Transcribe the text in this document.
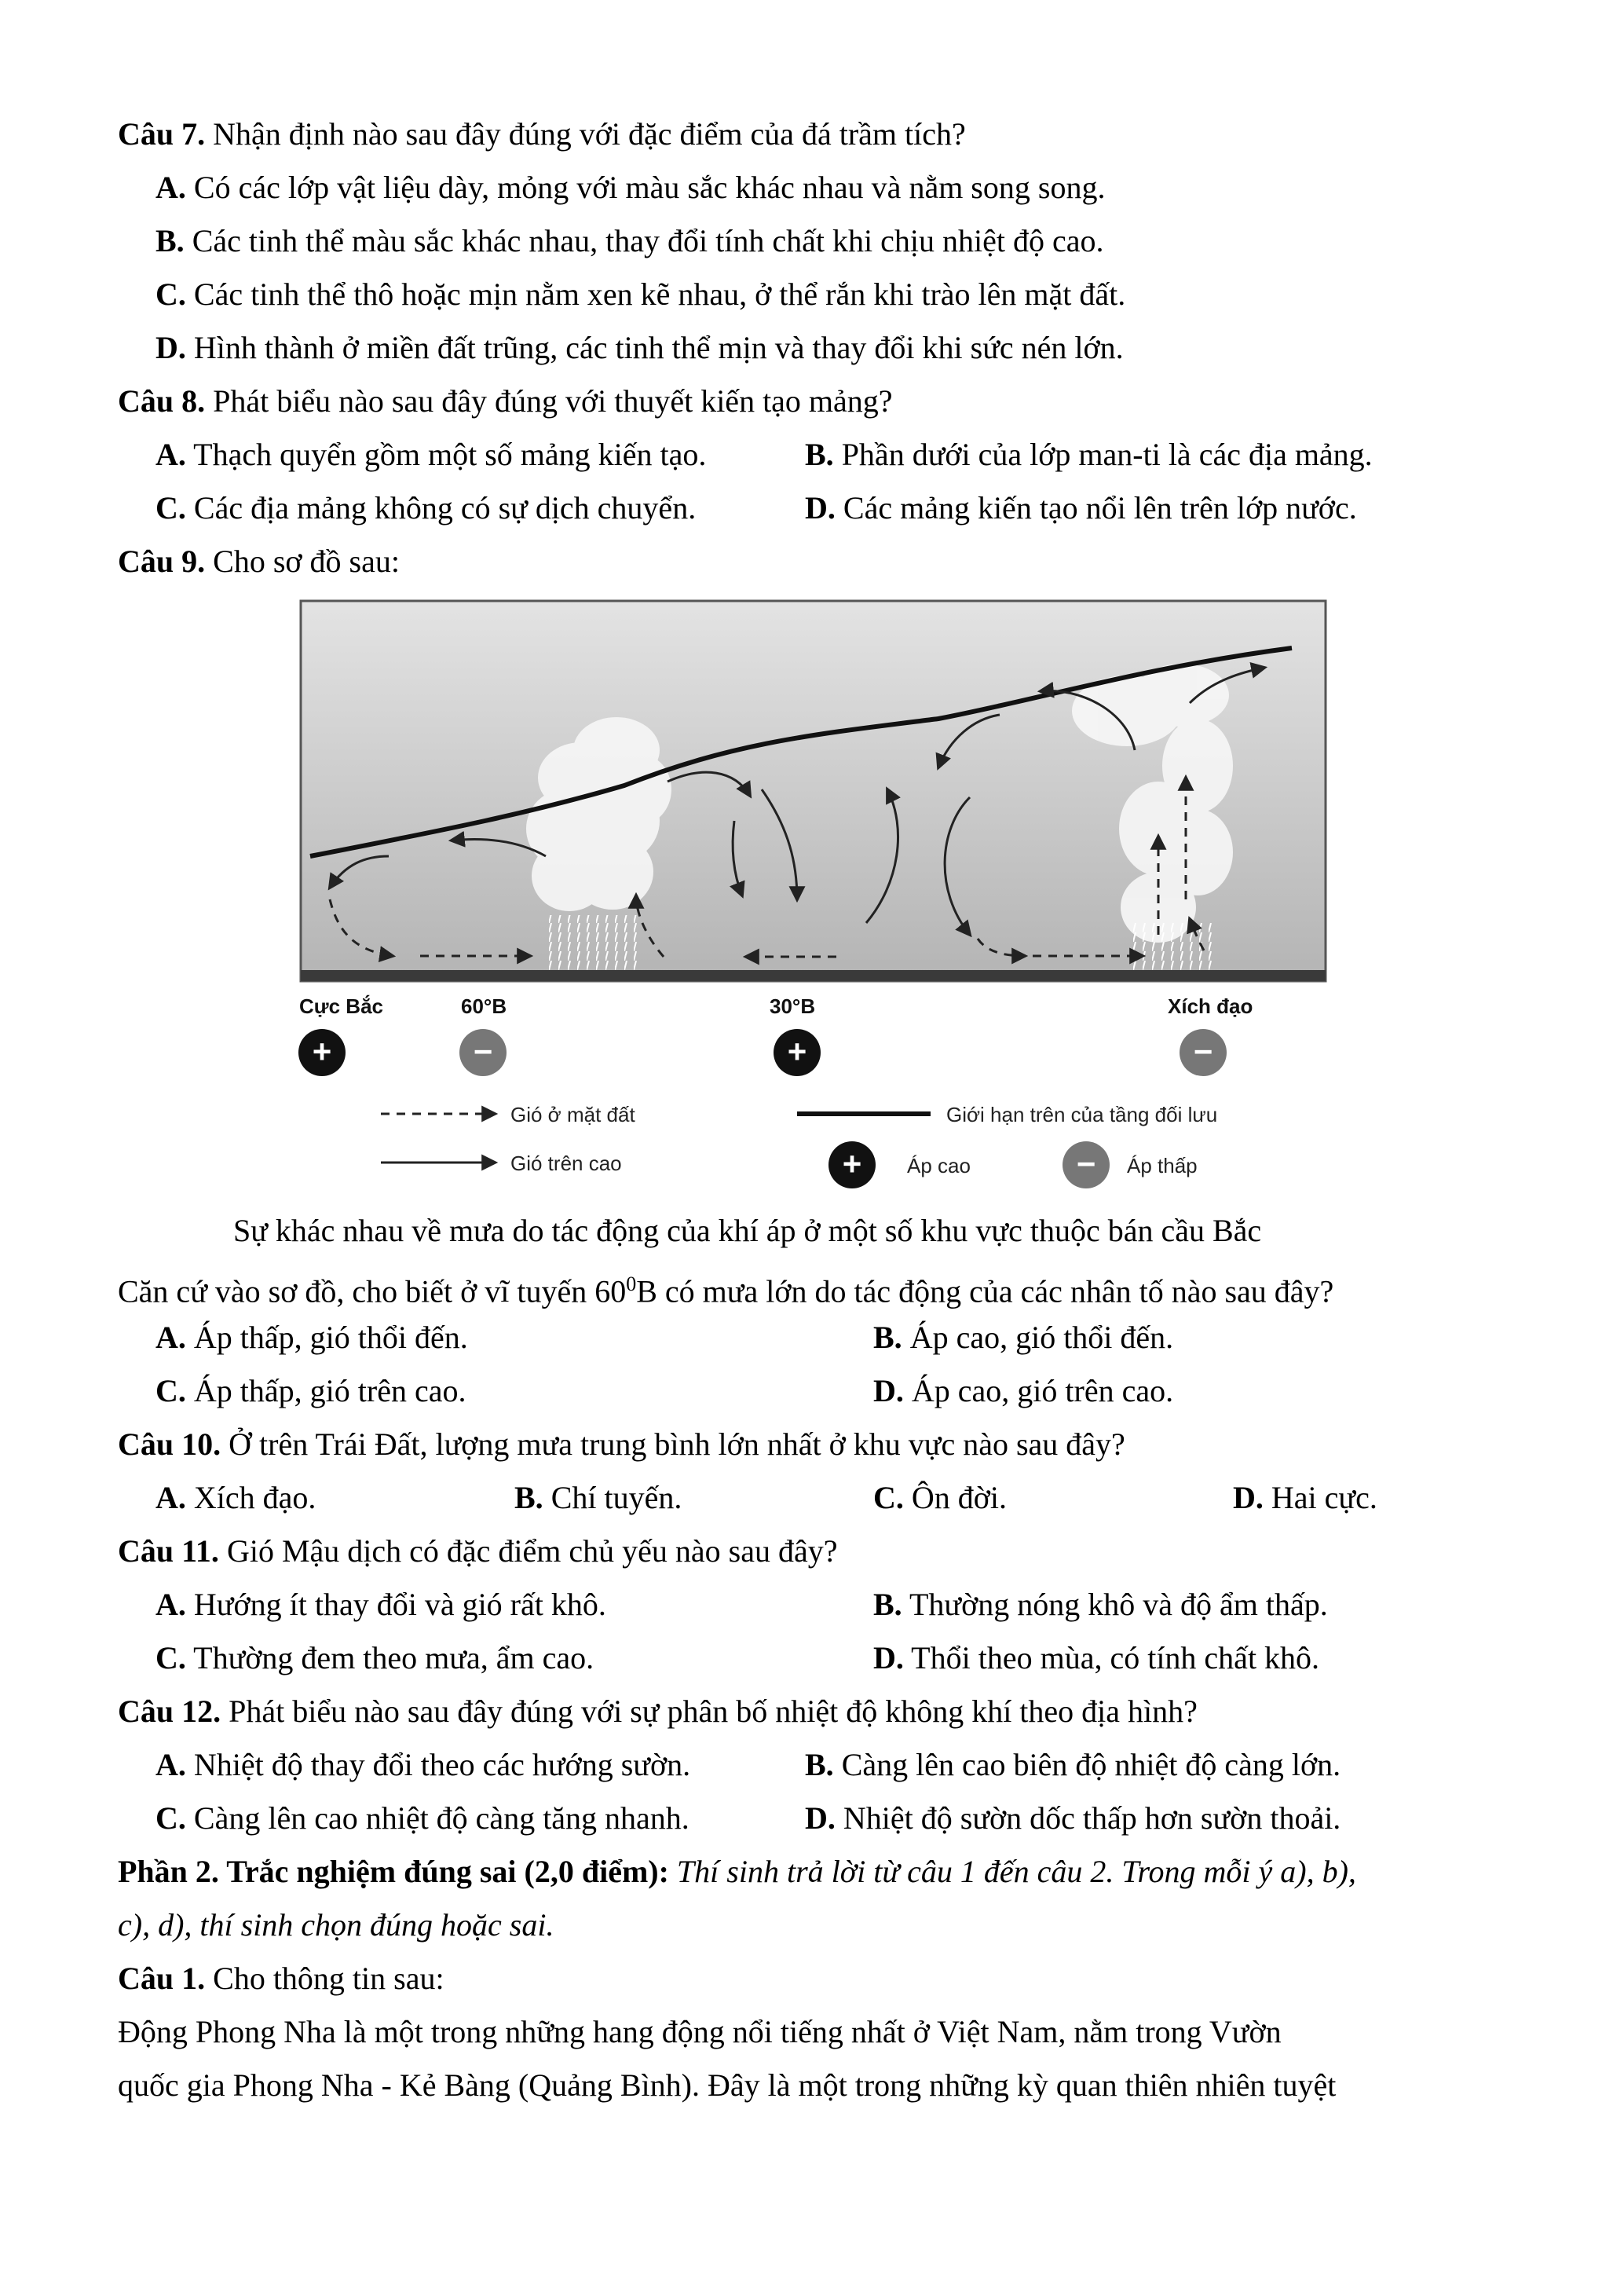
Câu 7. Nhận định nào sau đây đúng với đặc điểm của đá trầm tích?
A. Có các lớp vật liệu dày, mỏng với màu sắc khác nhau và nằm song song.
B. Các tinh thể màu sắc khác nhau, thay đổi tính chất khi chịu nhiệt độ cao.
C. Các tinh thể thô hoặc mịn nằm xen kẽ nhau, ở thể rắn khi trào lên mặt đất.
D. Hình thành ở miền đất trũng, các tinh thể mịn và thay đổi khi sức nén lớn.
Câu 8. Phát biểu nào sau đây đúng với thuyết kiến tạo mảng?
A. Thạch quyển gồm một số mảng kiến tạo.	B. Phần dưới của lớp man-ti là các địa mảng.
C. Các địa mảng không có sự dịch chuyển.	D. Các mảng kiến tạo nổi lên trên lớp nước.
Câu 9. Cho sơ đồ sau:
Cực Bắc	60°B	30°B	Xích đạo
+	−	+	−
Gió ở mặt đất
Gió trên cao
Giới hạn trên của tầng đối lưu
+ Áp cao	− Áp thấp
Sự khác nhau về mưa do tác động của khí áp ở một số khu vực thuộc bán cầu Bắc
Căn cứ vào sơ đồ, cho biết ở vĩ tuyến $60^0B$ có mưa lớn do tác động của các nhân tố nào sau đây?
A. Áp thấp, gió thổi đến.	B. Áp cao, gió thổi đến.
C. Áp thấp, gió trên cao.	D. Áp cao, gió trên cao.
Câu 10. Ở trên Trái Đất, lượng mưa trung bình lớn nhất ở khu vực nào sau đây?
A. Xích đạo.	B. Chí tuyến.	C. Ôn đời.	D. Hai cực.
Câu 11. Gió Mậu dịch có đặc điểm chủ yếu nào sau đây?
A. Hướng ít thay đổi và gió rất khô.	B. Thường nóng khô và độ ẩm thấp.
C. Thường đem theo mưa, ẩm cao.	D. Thổi theo mùa, có tính chất khô.
Câu 12. Phát biểu nào sau đây đúng với sự phân bố nhiệt độ không khí theo địa hình?
A. Nhiệt độ thay đổi theo các hướng sườn.	B. Càng lên cao biên độ nhiệt độ càng lớn.
C. Càng lên cao nhiệt độ càng tăng nhanh.	D. Nhiệt độ sườn dốc thấp hơn sườn thoải.
Phần 2. Trắc nghiệm đúng sai (2,0 điểm): Thí sinh trả lời từ câu 1 đến câu 2. Trong mỗi ý a), b),
c), d), thí sinh chọn đúng hoặc sai.
Câu 1. Cho thông tin sau:
Động Phong Nha là một trong những hang động nổi tiếng nhất ở Việt Nam, nằm trong Vườn
quốc gia Phong Nha - Kẻ Bàng (Quảng Bình). Đây là một trong những kỳ quan thiên nhiên tuyệt
